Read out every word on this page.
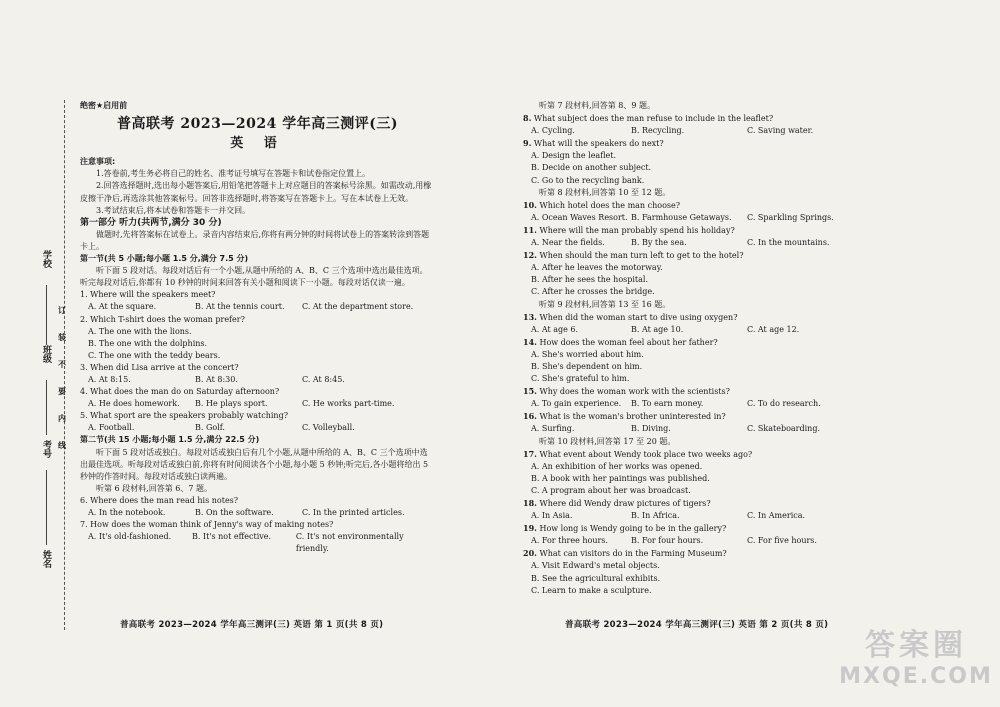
学校
班级
考号
姓名
订
装
不
要
内
线
绝密★启用前
普高联考 2023—2024 学年高三测评(三)
英 语
注意事项:

1.答卷前,考生务必将自己的姓名、准考证号填写在答题卡和试卷指定位置上。

2.回答选择题时,选出每小题答案后,用铅笔把答题卡上对应题目的答案标号涂黑。如需改动,用橡皮擦干净后,再选涂其他答案标号。回答非选择题时,将答案写在答题卡上。写在本试卷上无效。

3.考试结束后,将本试卷和答题卡一并交回。

第一部分 听力(共两节,满分 30 分)

做题时,先将答案标在试卷上。录音内容结束后,你将有两分钟的时间将试卷上的答案转涂到答题卡上。

第一节(共 5 小题;每小题 1.5 分,满分 7.5 分)

听下面 5 段对话。每段对话后有一个小题,从题中所给的 A、B、C 三个选项中选出最佳选项。听完每段对话后,你都有 10 秒钟的时间来回答有关小题和阅读下一小题。每段对话仅读一遍。

1. Where will the speakers meet?
A. At the square.	B. At the tennis court.	C. At the department store.
2. Which T-shirt does the woman prefer?
A. The one with the lions.
B. The one with the dolphins.
C. The one with the teddy bears.
3. When did Lisa arrive at the concert?
A. At 8:15.	B. At 8:30.	C. At 8:45.
4. What does the man do on Saturday afternoon?
A. He does homework.	B. He plays sport.	C. He works part-time.
5. What sport are the speakers probably watching?
A. Football.	B. Golf.	C. Volleyball.
第二节(共 15 小题;每小题 1.5 分,满分 22.5 分)

听下面 5 段对话或独白。每段对话或独白后有几个小题,从题中所给的 A、B、C 三个选项中选出最佳选项。听每段对话或独白前,你将有时间阅读各个小题,每小题 5 秒钟;听完后,各小题将给出 5 秒钟的作答时间。每段对话或独白读两遍。

听第 6 段材料,回答第 6、7 题。

6. Where does the man read his notes?
A. In the notebook.	B. On the software.	C. In the printed articles.
7. How does the woman think of Jenny's way of making notes?
A. It's old-fashioned.	B. It's not effective.	C. It's not environmentally friendly.

听第 7 段材料,回答第 8、9 题。

8. What subject does the man refuse to include in the leaflet?
A. Cycling.	B. Recycling.	C. Saving water.
9. What will the speakers do next?
A. Design the leaflet.
B. Decide on another subject.
C. Go to the recycling bank.

听第 8 段材料,回答第 10 至 12 题。

10. Which hotel does the man choose?
A. Ocean Waves Resort. B. Farmhouse Getaways.	C. Sparkling Springs.
11. Where will the man probably spend his holiday?
A. Near the fields.	B. By the sea.	C. In the mountains.
12. When should the man turn left to get to the hotel?
A. After he leaves the motorway.
B. After he sees the hospital.
C. After he crosses the bridge.

听第 9 段材料,回答第 13 至 16 题。

13. When did the woman start to dive using oxygen?
A. At age 6.	B. At age 10.	C. At age 12.
14. How does the woman feel about her father?
A. She's worried about him.
B. She's dependent on him.
C. She's grateful to him.
15. Why does the woman work with the scientists?
A. To gain experience.	B. To earn money.	C. To do research.
16. What is the woman's brother uninterested in?
A. Surfing.	B. Diving.	C. Skateboarding.

听第 10 段材料,回答第 17 至 20 题。

17. What event about Wendy took place two weeks ago?
A. An exhibition of her works was opened.
B. A book with her paintings was published.
C. A program about her was broadcast.
18. Where did Wendy draw pictures of tigers?
A. In Asia.	B. In Africa.	C. In America.
19. How long is Wendy going to be in the gallery?
A. For three hours.	B. For four hours.	C. For five hours.
20. What can visitors do in the Farming Museum?
A. Visit Edward's metal objects.
B. See the agricultural exhibits.
C. Learn to make a sculpture.
普高联考 2023—2024 学年高三测评(三) 英语 第 1 页(共 8 页)	普高联考 2023—2024 学年高三测评(三) 英语 第 2 页(共 8 页)
答案圈
MXQE.COM
